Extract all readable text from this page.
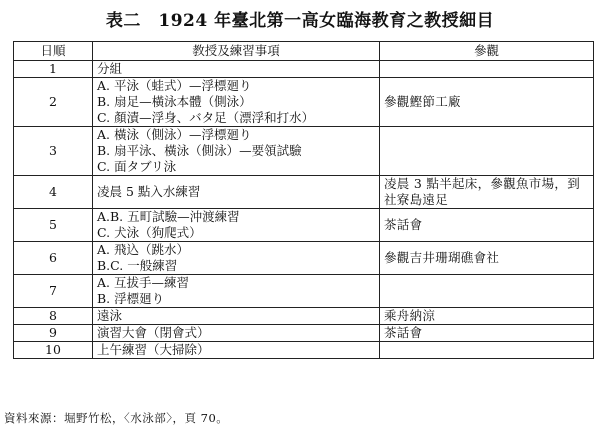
表二　1924 年臺北第一高女臨海教育之教授細目
日順	教授及練習事項	參觀
1	分組	

2	A. 平泳（蛙式）—浮標廻り
B. 扇足—橫泳本體（側泳）
C. 顏漬—浮身、バタ足（漂浮和打水）	參觀鰹節工廠

3	A. 橫泳（側泳）—浮標廻り
B. 扇平泳、橫泳（側泳）—要領試驗
C. 面タブリ泳	

4	凌晨 5 點入水練習	凌晨 3 點半起床，參觀魚市場，到社寮島遠足

5	A.B. 五町試驗—沖渡練習
C. 犬泳（狗爬式）	茶話會

6	A. 飛込（跳水）
B.C. 一般練習	參觀吉井珊瑚礁會社

7	A. 互拔手—練習
B. 浮標廻り	

8	遠泳	乘舟納涼

9	演習大會（閉會式）	茶話會

10	上午練習（大掃除）	

資料來源：堀野竹松，〈水泳部〉，頁 70。
